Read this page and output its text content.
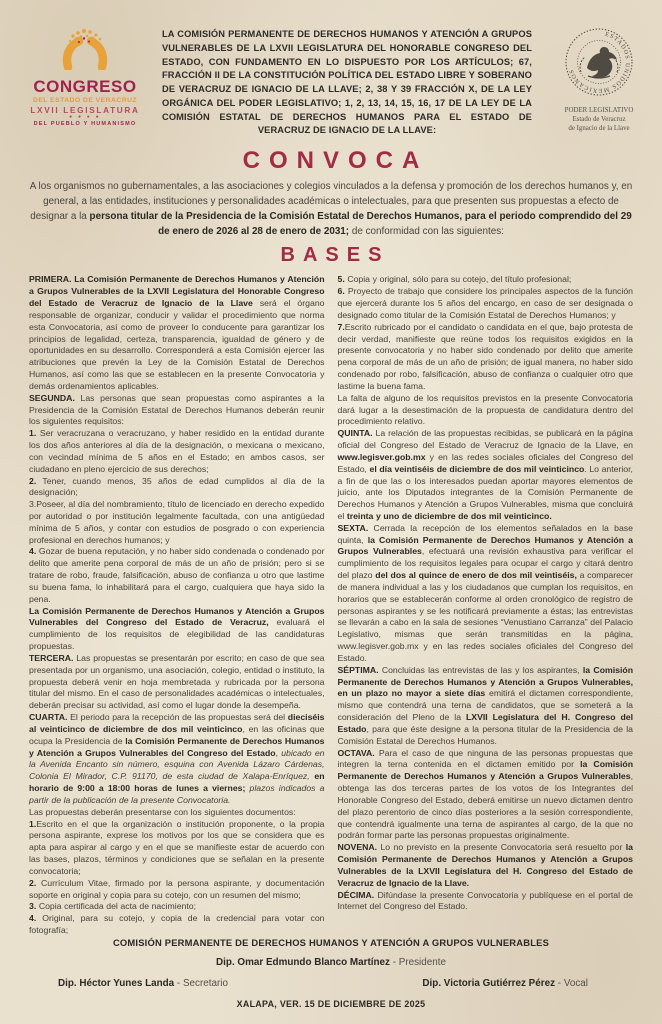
CONGRESO
DEL ESTADO DE VERACRUZ
LXVII LEGISLATURA
● ● ● ●
DEL PUEBLO Y HUMANISMO
LA COMISIÓN PERMANENTE DE DERECHOS HUMANOS Y ATENCIÓN A GRUPOS VULNERABLES DE LA LXVII LEGISLATURA DEL HONORABLE CONGRESO DEL ESTADO, CON FUNDAMENTO EN LO DISPUESTO POR LOS ARTÍCULOS; 67, FRACCIÓN II DE LA CONSTITUCIÓN POLÍTICA DEL ESTADO LIBRE Y SOBERANO DE VERACRUZ DE IGNACIO DE LA LLAVE; 2, 38 Y 39 FRACCIÓN X, DE LA LEY ORGÁNICA DEL PODER LEGISLATIVO; 1, 2, 13, 14, 15, 16, 17 DE LA LEY DE LA COMISIÓN ESTATAL DE DERECHOS HUMANOS PARA EL ESTADO DE VERACRUZ DE IGNACIO DE LA LLAVE:
ESTADOS UNIDOS MEXICANOS
PODER LEGISLATIVO
Estado de Veracruz
de Ignacio de la Llave
CONVOCA

A los organismos no gubernamentales, a las asociaciones y colegios vinculados a la defensa y promoción de los derechos humanos y, en general, a las entidades, instituciones y personalidades académicas o intelectuales, para que presenten sus propuestas a efecto de designar a la persona titular de la Presidencia de la Comisión Estatal de Derechos Humanos, para el periodo comprendido del 29 de enero de 2026 al 28 de enero de 2031; de conformidad con las siguientes:

BASES

PRIMERA. La Comisión Permanente de Derechos Humanos y Atención a Grupos Vulnerables de la LXVII Legislatura del Honorable Congreso del Estado de Veracruz de Ignacio de la Llave será el órgano responsable de organizar, conducir y validar el procedimiento que norma esta Convocatoria, así como de proveer lo conducente para garantizar los principios de legalidad, certeza, transparencia, igualdad de género y de oportunidades en su desarrollo. Corresponderá a esta Comisión ejercer las atribuciones que prevén la Ley de la Comisión Estatal de Derechos Humanos, así como las que se establecen en la presente Convocatoria y demás ordenamientos aplicables.

SEGUNDA. Las personas que sean propuestas como aspirantes a la Presidencia de la Comisión Estatal de Derechos Humanos deberán reunir los siguientes requisitos:

1. Ser veracruzana o veracruzano, y haber residido en la entidad durante los dos años anteriores al día de la designación, o mexicana o mexicano, con vecindad mínima de 5 años en el Estado; en ambos casos, ser ciudadano en pleno ejercicio de sus derechos;

2. Tener, cuando menos, 35 años de edad cumplidos al día de la designación;

3.Poseer, al día del nombramiento, título de licenciado en derecho expedido por autoridad o por institución legalmente facultada, con una antigüedad mínima de 5 años, y contar con estudios de posgrado o con experiencia profesional en derechos humanos; y

4. Gozar de buena reputación, y no haber sido condenada o condenado por delito que amerite pena corporal de más de un año de prisión; pero si se tratare de robo, fraude, falsificación, abuso de confianza u otro que lastime su buena fama, lo inhabilitará para el cargo, cualquiera que haya sido la pena.

La Comisión Permanente de Derechos Humanos y Atención a Grupos Vulnerables del Congreso del Estado de Veracruz, evaluará el cumplimiento de los requisitos de elegibilidad de las candidaturas propuestas.

TERCERA. Las propuestas se presentarán por escrito; en caso de que sea presentada por un organismo, una asociación, colegio, entidad o instituto, la propuesta deberá venir en hoja membretada y rubricada por la persona titular del mismo. En el caso de personalidades académicas o intelectuales, deberán precisar su actividad, así como el lugar donde la desempeña.

CUARTA. El periodo para la recepción de las propuestas será del dieciséis al veinticinco de diciembre de dos mil veinticinco, en las oficinas que ocupa la Presidencia de la Comisión Permanente de Derechos Humanos y Atención a Grupos Vulnerables del Congreso del Estado, ubicado en la Avenida Encanto sin número, esquina con Avenida Lázaro Cárdenas, Colonia El Mirador, C.P. 91170, de esta ciudad de Xalapa-Enríquez, en horario de 9:00 a 18:00 horas de lunes a viernes; plazos indicados a partir de la publicación de la presente Convocatoria.

Las propuestas deberán presentarse con los siguientes documentos:

1.Escrito en el que la organización o institución proponente, o la propia persona aspirante, exprese los motivos por los que se considera que es apta para aspirar al cargo y en el que se manifieste estar de acuerdo con las bases, plazos, términos y condiciones que se señalan en la presente convocatoria;

2. Currículum Vitae, firmado por la persona aspirante, y documentación soporte en original y copia para su cotejo, con un resumen del mismo;

3. Copia certificada del acta de nacimiento;

4. Original, para su cotejo, y copia de la credencial para votar con fotografía;

5. Copia y original, sólo para su cotejo, del título profesional;

6. Proyecto de trabajo que considere los principales aspectos de la función que ejercerá durante los 5 años del encargo, en caso de ser designada o designado como titular de la Comisión Estatal de Derechos Humanos; y

7.Escrito rubricado por el candidato o candidata en el que, bajo protesta de decir verdad, manifieste que reúne todos los requisitos exigidos en la presente convocatoria y no haber sido condenado por delito que amerite pena corporal de más de un año de prisión; de igual manera, no haber sido condenado por robo, falsificación, abuso de confianza o cualquier otro que lastime la buena fama.

La falta de alguno de los requisitos previstos en la presente Convocatoria dará lugar a la desestimación de la propuesta de candidatura dentro del procedimiento relativo.

QUINTA. La relación de las propuestas recibidas, se publicará en la página oficial del Congreso del Estado de Veracruz de Ignacio de la Llave, en www.legisver.gob.mx y en las redes sociales oficiales del Congreso del Estado, el día veintiséis de diciembre de dos mil veinticinco. Lo anterior, a fin de que las o los interesados puedan aportar mayores elementos de juicio, ante los Diputados integrantes de la Comisión Permanente de Derechos Humanos y Atención a Grupos Vulnerables, misma que concluirá el treinta y uno de diciembre de dos mil veinticinco.

SEXTA. Cerrada la recepción de los elementos señalados en la base quinta, la Comisión Permanente de Derechos Humanos y Atención a Grupos Vulnerables, efectuará una revisión exhaustiva para verificar el cumplimiento de los requisitos legales para ocupar el cargo y citará dentro del plazo del dos al quince de enero de dos mil veintiséis, a comparecer de manera individual a las y los ciudadanos que cumplan los requisitos, en horarios que se establecerán conforme al orden cronológico de registro de personas aspirantes y se les notificará previamente a éstas; las entrevistas se llevarán a cabo en la sala de sesiones “Venustiano Carranza” del Palacio Legislativo, mismas que serán transmitidas en la página, www.legisver.gob.mx y en las redes sociales oficiales del Congreso del Estado.

SÉPTIMA. Concluidas las entrevistas de las y los aspirantes, la Comisión Permanente de Derechos Humanos y Atención a Grupos Vulnerables, en un plazo no mayor a siete días emitirá el dictamen correspondiente, mismo que contendrá una terna de candidatos, que se someterá a la consideración del Pleno de la LXVII Legislatura del H. Congreso del Estado, para que éste designe a la persona titular de la Presidencia de la Comisión Estatal de Derechos Humanos.

OCTAVA. Para el caso de que ninguna de las personas propuestas que integren la terna contenida en el dictamen emitido por la Comisión Permanente de Derechos Humanos y Atención a Grupos Vulnerables, obtenga las dos terceras partes de los votos de los Integrantes del Honorable Congreso del Estado, deberá emitirse un nuevo dictamen dentro del plazo perentorio de cinco días posteriores a la sesión correspondiente, que contendrá igualmente una terna de aspirantes al cargo, de la que no podrán formar parte las personas propuestas originalmente.

NOVENA. Lo no previsto en la presente Convocatoria será resuelto por la Comisión Permanente de Derechos Humanos y Atención a Grupos Vulnerables de la LXVII Legislatura del H. Congreso del Estado de Veracruz de Ignacio de la Llave.

DÉCIMA. Difúndase la presente Convocatoria y publíquese en el portal de Internet del Congreso del Estado.

COMISIÓN PERMANENTE DE DERECHOS HUMANOS Y ATENCIÓN A GRUPOS VULNERABLES
Dip. Omar Edmundo Blanco Martínez - Presidente
Dip. Héctor Yunes Landa - Secretario	Dip. Victoria Gutiérrez Pérez - Vocal
XALAPA, VER. 15 DE DICIEMBRE DE 2025
